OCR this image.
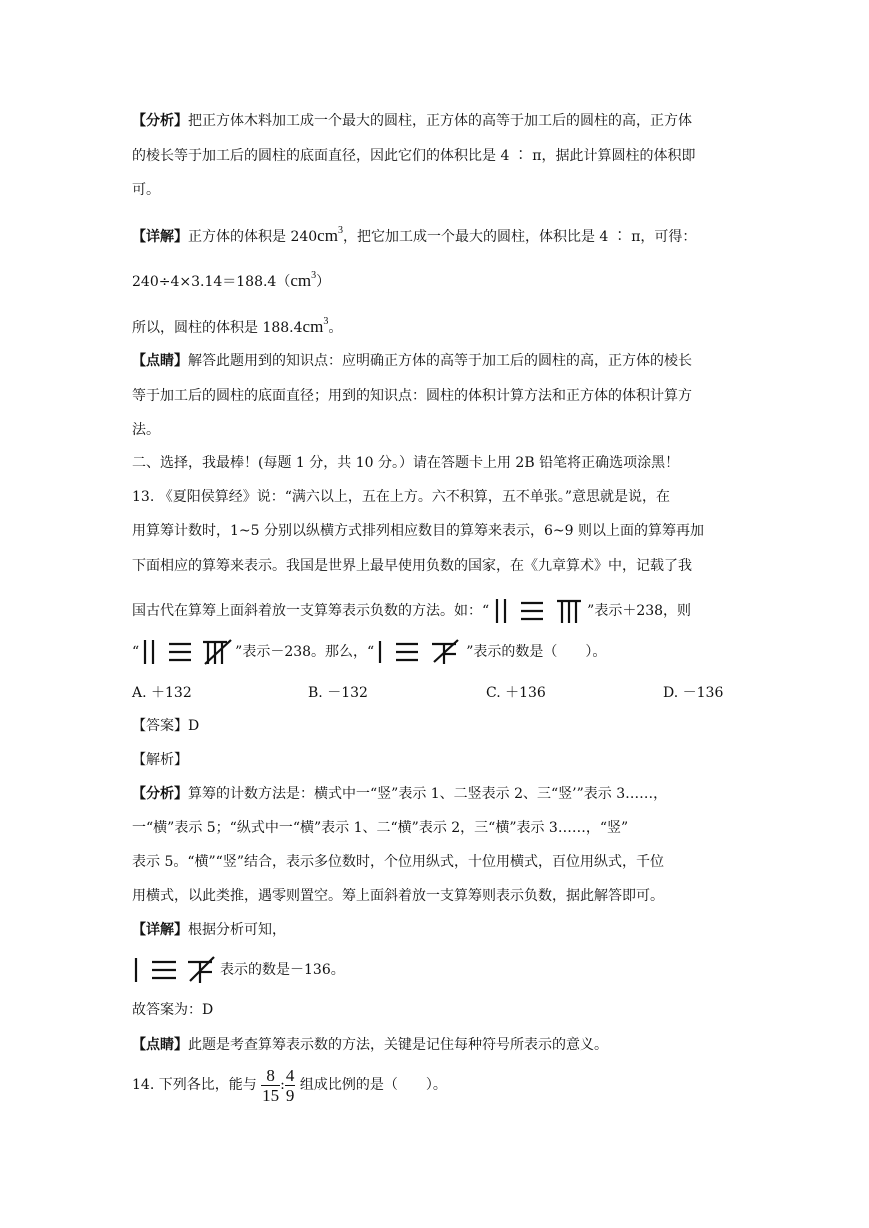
【分析】把正方体木料加工成一个最大的圆柱，正方体的高等于加工后的圆柱的高，正方体
的棱长等于加工后的圆柱的底面直径，因此它们的体积比是 4 ∶ π，据此计算圆柱的体积即
可。
【详解】正方体的体积是 $240cm^3$，把它加工成一个最大的圆柱，体积比是 4 ∶ π，可得：
$240\div 4\times 3.14=188.4(cm^3)$
所以，圆柱的体积是 $188.4cm^3$。
【点睛】解答此题用到的知识点：应明确正方体的高等于加工后的圆柱的高，正方体的棱长
等于加工后的圆柱的底面直径；用到的知识点：圆柱的体积计算方法和正方体的体积计算方
法。
二、选择，我最棒！(每题 1 分，共 10 分。）请在答题卡上用 2B 铅笔将正确选项涂黑！
13. 《夏阳侯算经》说：“满六以上，五在上方。六不积算，五不单张。”意思就是说，在
用算筹计数时，1~5 分别以纵横方式排列相应数目的算筹来表示，6~9 则以上面的算筹再加
下面相应的算筹来表示。我国是世界上最早使用负数的国家，在《九章算术》中，记载了我
国古代在算筹上面斜着放一支算筹表示负数的方法。如：“	”表示＋238，则
“	”表示－238。那么，“	”表示的数是（　　）。
A. ＋132	B. －132	C. ＋136	D. －136
【答案】D
【解析】
【分析】算筹的计数方法是：横式中一“竖”表示 1、二竖表示 2、三“竖’”表示 3……，
一“横”表示 5；“纵式中一“横”表示 1、二“横”表示 2，三“横”表示 3……，“竖”
表示 5。“横”“竖”结合，表示多位数时，个位用纵式，十位用横式，百位用纵式，千位
用横式，以此类推，遇零则置空。筹上面斜着放一支算筹则表示负数，据此解答即可。
【详解】根据分析可知，
表示的数是－136。
故答案为：D
【点睛】此题是考查算筹表示数的方法，关键是记住每种符号所表示的意义。
14. 下列各比，能与 $\frac{8}{15}$ : $\frac{4}{9}$ 组成比例的是（　　）。
